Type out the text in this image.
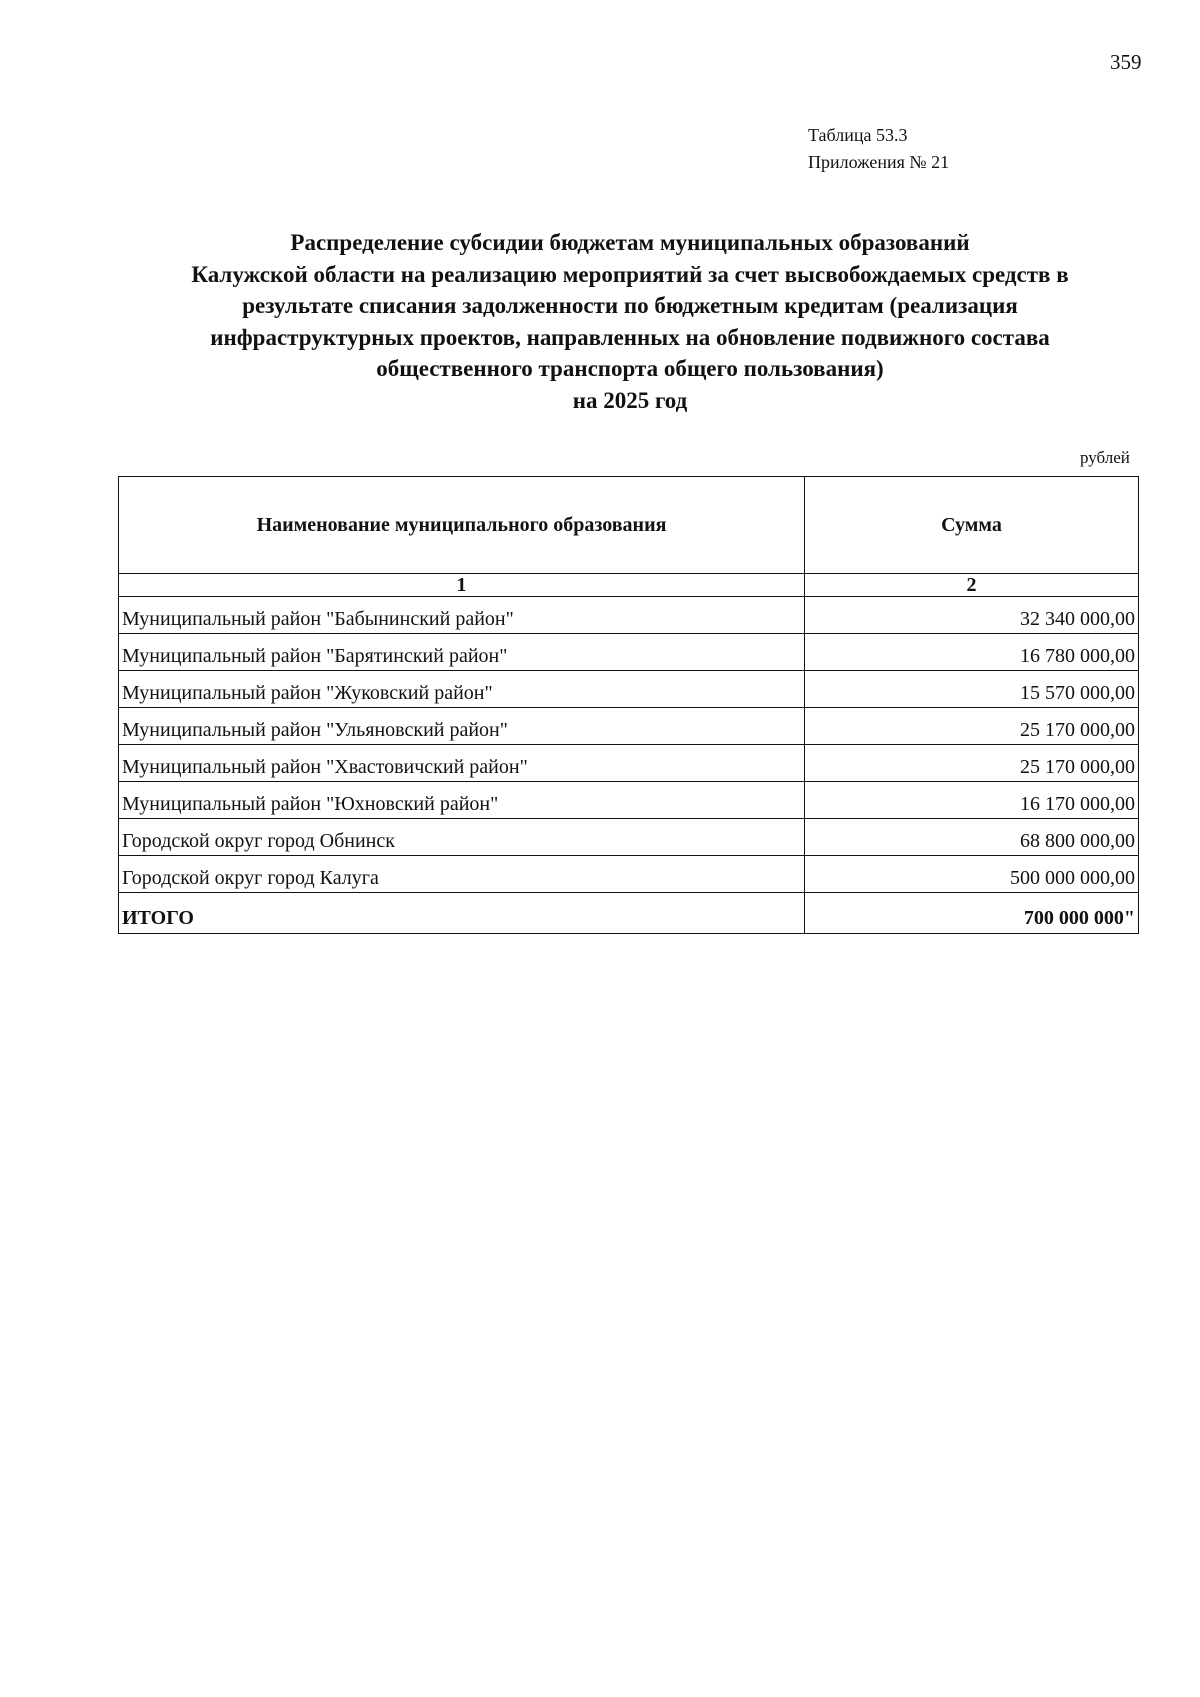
359
Таблица 53.3
Приложения № 21
Распределение субсидии бюджетам муниципальных образований
Калужской области на реализацию мероприятий за счет высвобождаемых средств в
результате списания задолженности по бюджетным кредитам (реализация
инфраструктурных проектов, направленных на обновление подвижного состава
общественного транспорта общего пользования)
на 2025 год
рублей
Наименование муниципального образования	Сумма
1	2
Муниципальный район "Бабынинский район"	32 340 000,00
Муниципальный район "Барятинский район"	16 780 000,00
Муниципальный район "Жуковский район"	15 570 000,00
Муниципальный район "Ульяновский район"	25 170 000,00
Муниципальный район "Хвастовичский район"	25 170 000,00
Муниципальный район "Юхновский район"	16 170 000,00
Городской округ город Обнинск	68 800 000,00
Городской округ город Калуга	500 000 000,00
ИТОГО	700 000 000"
